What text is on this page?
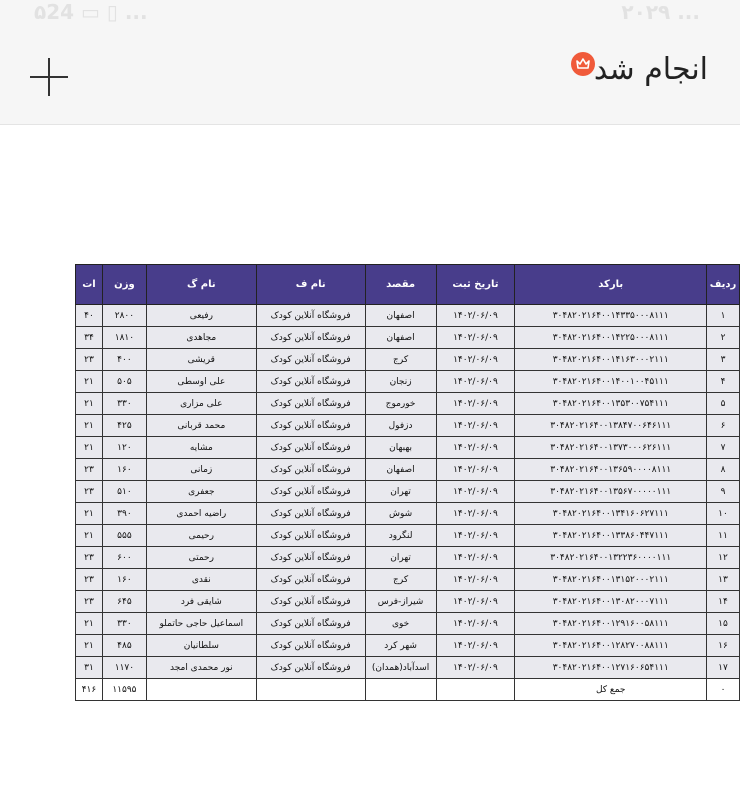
۵24 ▭ ▯ ...	۲۰۲۹ ...
انجام شد
ردیف	بارکد	تاریخ ثبت	مقصد	نام ف	نام گ	وزن	ات
۱	۳۰۴۸۲۰۲۱۶۴۰۰۱۴۳۳۵۰۰۰۸۱۱۱	۱۴۰۲/۰۶/۰۹	اصفهان	فروشگاه آنلاین کودک	رفیعی	۲۸۰۰	۴۰
۲	۳۰۴۸۲۰۲۱۶۴۰۰۱۴۲۲۵۰۰۰۸۱۱۱	۱۴۰۲/۰۶/۰۹	اصفهان	فروشگاه آنلاین کودک	مجاهدی	۱۸۱۰	۳۴
۳	۳۰۴۸۲۰۲۱۶۴۰۰۱۴۱۶۳۰۰۰۲۱۱۱	۱۴۰۲/۰۶/۰۹	کرج	فروشگاه آنلاین کودک	قریشی	۴۰۰	۲۳
۴	۳۰۴۸۲۰۲۱۶۴۰۰۱۴۰۰۱۰۰۴۵۱۱۱	۱۴۰۲/۰۶/۰۹	زنجان	فروشگاه آنلاین کودک	علی اوسطی	۵۰۵	۲۱
۵	۳۰۴۸۲۰۲۱۶۴۰۰۱۳۵۳۰۰۷۵۴۱۱۱	۱۴۰۲/۰۶/۰۹	خورموج	فروشگاه آنلاین کودک	علی مزاری	۳۳۰	۲۱
۶	۳۰۴۸۲۰۲۱۶۴۰۰۱۳۸۴۷۰۰۶۴۶۱۱۱	۱۴۰۲/۰۶/۰۹	دزفول	فروشگاه آنلاین کودک	محمد قربانی	۴۲۵	۲۱
۷	۳۰۴۸۲۰۲۱۶۴۰۰۱۳۷۳۰۰۰۶۲۶۱۱۱	۱۴۰۲/۰۶/۰۹	بهبهان	فروشگاه آنلاین کودک	مشایه	۱۲۰	۲۱
۸	۳۰۴۸۲۰۲۱۶۴۰۰۱۳۶۵۹۰۰۰۰۸۱۱۱	۱۴۰۲/۰۶/۰۹	اصفهان	فروشگاه آنلاین کودک	زمانی	۱۶۰	۲۳
۹	۳۰۴۸۲۰۲۱۶۴۰۰۱۳۵۶۷۰۰۰۰۰۱۱۱	۱۴۰۲/۰۶/۰۹	تهران	فروشگاه آنلاین کودک	جعفری	۵۱۰	۲۳
۱۰	۳۰۴۸۲۰۲۱۶۴۰۰۱۳۴۱۶۰۶۲۷۱۱۱	۱۴۰۲/۰۶/۰۹	شوش	فروشگاه آنلاین کودک	راضیه احمدی	۳۹۰	۲۱
۱۱	۳۰۴۸۲۰۲۱۶۴۰۰۱۳۳۸۶۰۴۴۷۱۱۱	۱۴۰۲/۰۶/۰۹	لنگرود	فروشگاه آنلاین کودک	رحیمی	۵۵۵	۲۱
۱۲	۳۰۴۸۲۰۲۱۶۴۰۰۱۳۲۲۳۶۰۰۰۰۱۱۱	۱۴۰۲/۰۶/۰۹	تهران	فروشگاه آنلاین کودک	رحمتی	۶۰۰	۲۳
۱۳	۳۰۴۸۲۰۲۱۶۴۰۰۱۳۱۵۲۰۰۰۲۱۱۱	۱۴۰۲/۰۶/۰۹	کرج	فروشگاه آنلاین کودک	نقدی	۱۶۰	۲۳
۱۴	۳۰۴۸۲۰۲۱۶۴۰۰۱۳۰۸۲۰۰۰۷۱۱۱	۱۴۰۲/۰۶/۰۹	شیراز-فرس	فروشگاه آنلاین کودک	شایقی فرد	۶۴۵	۲۳
۱۵	۳۰۴۸۲۰۲۱۶۴۰۰۱۲۹۱۶۰۰۵۸۱۱۱	۱۴۰۲/۰۶/۰۹	خوی	فروشگاه آنلاین کودک	اسماعیل حاجی حاتملو	۳۳۰	۲۱
۱۶	۳۰۴۸۲۰۲۱۶۴۰۰۱۲۸۲۷۰۰۸۸۱۱۱	۱۴۰۲/۰۶/۰۹	شهر کرد	فروشگاه آنلاین کودک	سلطانیان	۴۸۵	۲۱
۱۷	۳۰۴۸۲۰۲۱۶۴۰۰۱۲۷۱۶۰۶۵۴۱۱۱	۱۴۰۲/۰۶/۰۹	اسدآباد(همدان)	فروشگاه آنلاین کودک	نور محمدی امجد	۱۱۷۰	۳۱
۰	جمع کل					۱۱۵۹۵	۴۱۶
